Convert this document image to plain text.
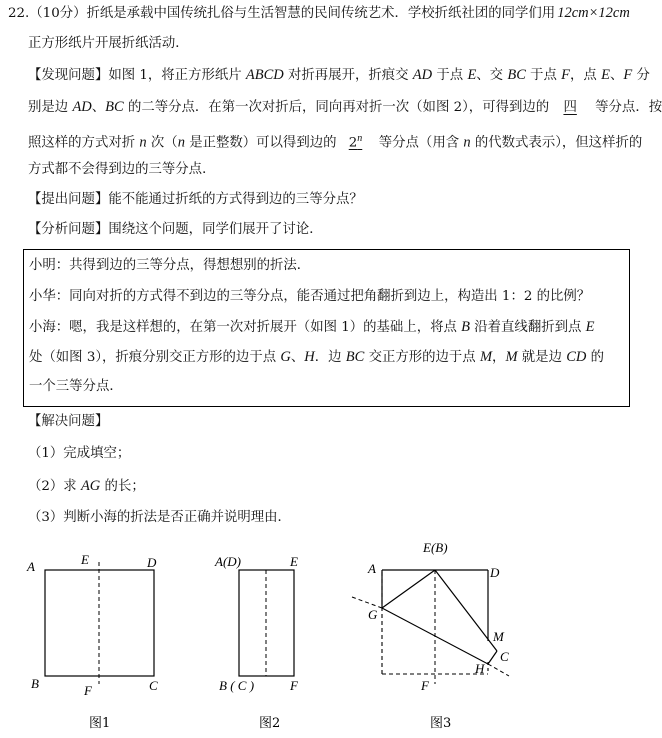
22.（10分）折纸是承载中国传统扎俗与生活智慧的民间传统艺术．学校折纸社团的同学们用 12cm×12cm
正方形纸片开展折纸活动．
【发现问题】如图 1，将正方形纸片 ABCD 对折再展开，折痕交 AD 于点 E、交 BC 于点 F，点 E、F 分
别是边 AD、BC 的二等分点．在第一次对折后，同向再对折一次（如图 2），可得到边的 四 等分点．按
照这样的方式对折 n 次（n 是正整数）可以得到边的 2$^n$ 等分点（用含 n 的代数式表示），但这样折的
方式都不会得到边的三等分点．
【提出问题】能不能通过折纸的方式得到边的三等分点？
【分析问题】围绕这个问题，同学们展开了讨论．
小明：共得到边的三等分点，得想想别的折法．
小华：同向对折的方式得不到边的三等分点，能否通过把角翻折到边上，构造出 1：2 的比例？
小海：嗯，我是这样想的，在第一次对折展开（如图 1）的基础上，将点 B 沿着直线翻折到点 E
处（如图 3），折痕分别交正方形的边于点 G、H．边 BC 交正方形的边于点 M，M 就是边 CD 的
一个三等分点．
【解决问题】
（1）完成填空；
（2）求 AG 的长；
（3）判断小海的折法是否正确并说明理由．
A	E	D
B	F	C
图1
A(D)	E
B ( C )	F
图2
E(B)
A	D
G
M
C
H
F
图3
